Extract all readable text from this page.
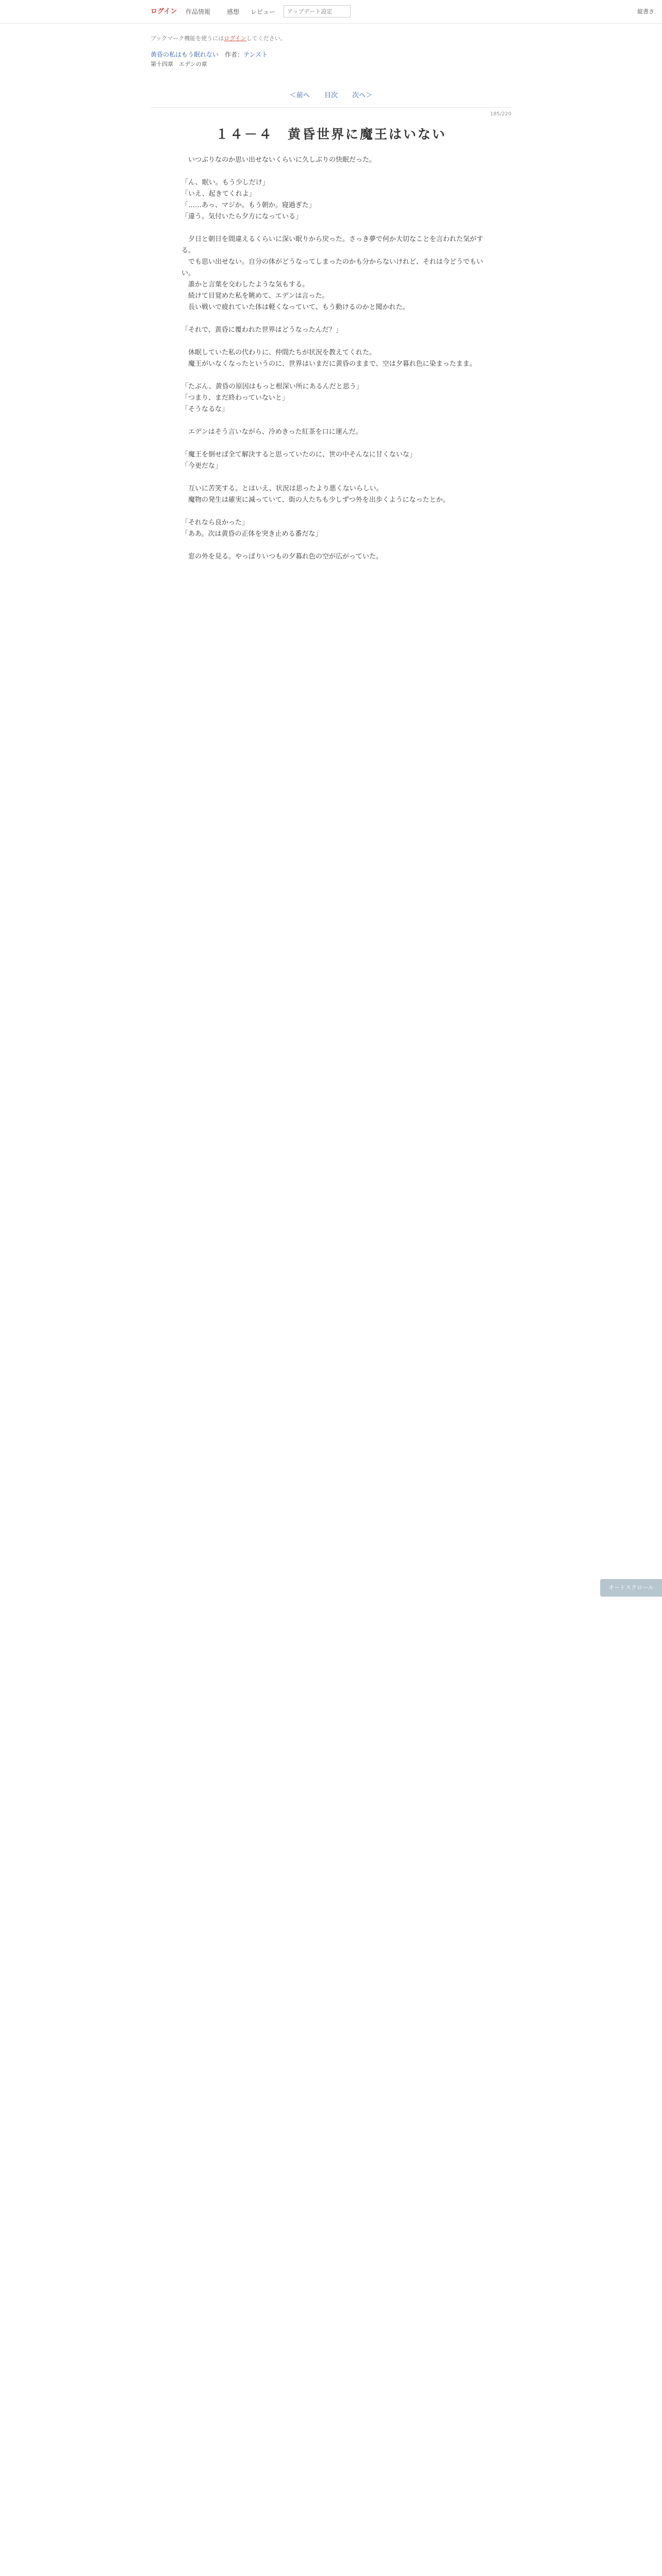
ログイン 作品情報	感想 レビュー
アップデート設定	縦書き
ブックマーク機能を使うにはログインしてください。
黄昏の私はもう眠れない　 作者：テンスト
第十四章　エデンの章
＜前へ 目次 次へ＞
185/220
１４－４　黄昏世界に魔王はいない

　いつぶりなのか思い出せないくらいに久しぶりの快眠だった。

「ん、眠い。もう少しだけ」

「いえ、起きてくれよ」

「……あっ、マジか。もう朝か。寝過ぎた」

「違う。気付いたら夕方になっている」

　夕日と朝日を間違えるくらいに深い眠りから戻った。さっき夢で何か大切なことを言われた気がする。

　でも思い出せない。自分の体がどうなってしまったのかも分からないけれど、それは今どうでもいい。

　誰かと言葉を交わしたような気もする。

　続けて目覚めた私を眺めて、エデンは言った。

　長い戦いで疲れていた体は軽くなっていて、もう動けるのかと聞かれた。

「それで、黄昏に覆われた世界はどうなったんだ？」

　休眠していた私の代わりに、仲間たちが状況を教えてくれた。

　魔王がいなくなったというのに、世界はいまだに黄昏のままで、空は夕暮れ色に染まったまま。

「たぶん、黄昏の原因はもっと根深い所にあるんだと思う」

「つまり、まだ終わっていないと」

「そうなるな」

　エデンはそう言いながら、冷めきった紅茶を口に運んだ。

「魔王を倒せば全て解決すると思っていたのに、世の中そんなに甘くないな」

「今更だな」

　互いに苦笑する。とはいえ、状況は思ったより悪くないらしい。

　魔物の発生は確実に減っていて、街の人たちも少しずつ外を出歩くようになったとか。

「それなら良かった」

「ああ。次は黄昏の正体を突き止める番だな」

　窓の外を見る。やっぱりいつもの夕暮れ色の空が広がっていた。

オートスクロール
